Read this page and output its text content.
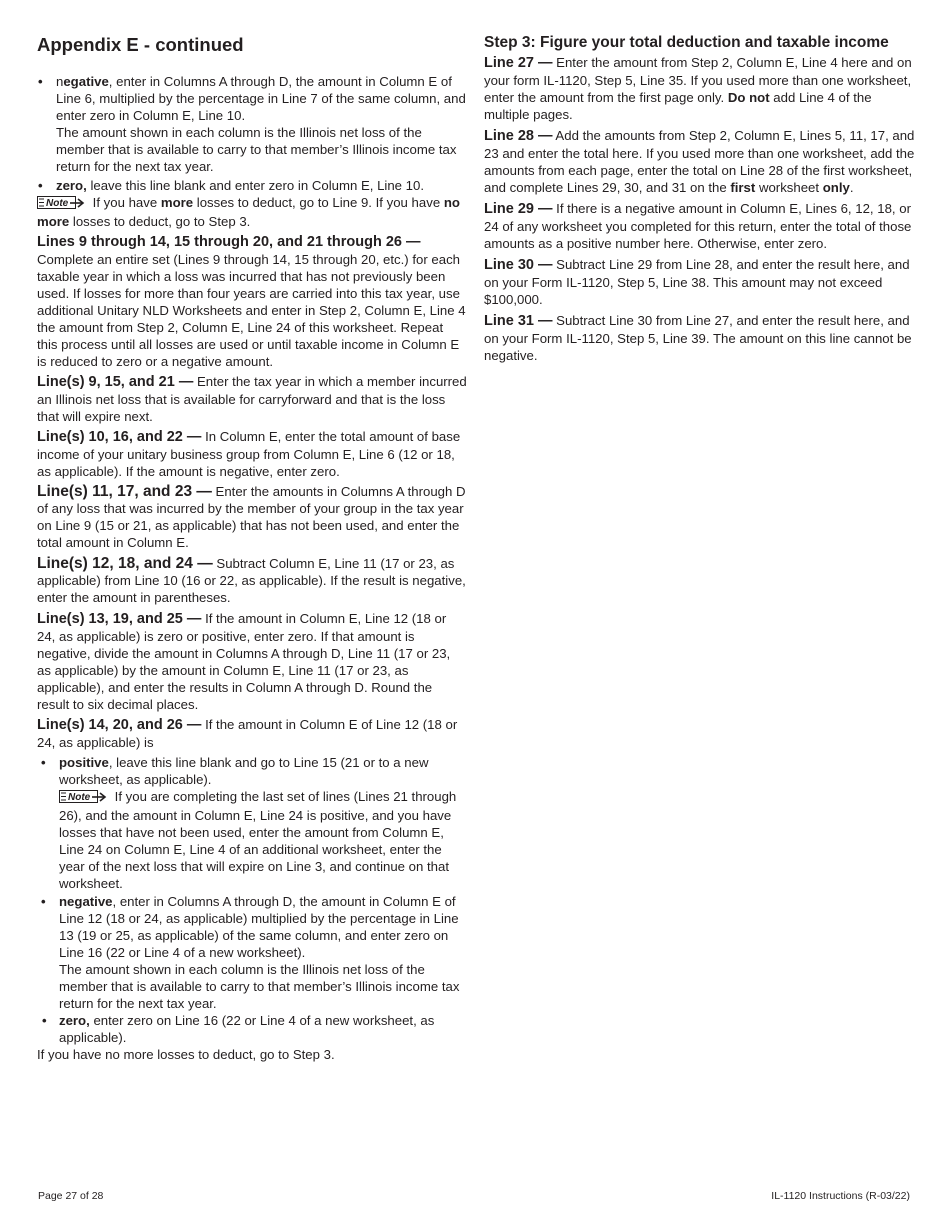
Appendix E - continued
• negative, enter in Columns A through D, the amount in Column E of Line 6, multiplied by the percentage in Line 7 of the same column, and enter zero in Column E, Line 10.
The amount shown in each column is the Illinois net loss of the member that is available to carry to that member’s Illinois income tax return for the next tax year.
• zero, leave this line blank and enter zero in Column E, Line 10.

Note If you have more losses to deduct, go to Line 9. If you have no more losses to deduct, go to Step 3.

Lines 9 through 14, 15 through 20, and 21 through 26 —
Complete an entire set (Lines 9 through 14, 15 through 20, etc.) for each taxable year in which a loss was incurred that has not previously been used. If losses for more than four years are carried into this tax year, use additional Unitary NLD Worksheets and enter in Step 2, Column E, Line 4 the amount from Step 2, Column E, Line 24 of this worksheet. Repeat this process until all losses are used or until taxable income in Column E is reduced to zero or a negative amount.

Line(s) 9, 15, and 21 — Enter the tax year in which a member incurred an Illinois net loss that is available for carryforward and that is the loss that will expire next.

Line(s) 10, 16, and 22 — In Column E, enter the total amount of base income of your unitary business group from Column E, Line 6 (12 or 18, as applicable). If the amount is negative, enter zero.

Line(s) 11, 17, and 23 — Enter the amounts in Columns A through D of any loss that was incurred by the member of your group in the tax year on Line 9 (15 or 21, as applicable) that has not been used, and enter the total amount in Column E.

Line(s) 12, 18, and 24 — Subtract Column E, Line 11 (17 or 23, as applicable) from Line 10 (16 or 22, as applicable). If the result is negative, enter the amount in parentheses.

Line(s) 13, 19, and 25 — If the amount in Column E, Line 12 (18 or 24, as applicable) is zero or positive, enter zero. If that amount is negative, divide the amount in Columns A through D, Line 11 (17 or 23, as applicable) by the amount in Column E, Line 11 (17 or 23, as applicable), and enter the results in Column A through D. Round the result to six decimal places.

Line(s) 14, 20, and 26 — If the amount in Column E of Line 12 (18 or 24, as applicable) is

• positive, leave this line blank and go to Line 15 (21 or to a new worksheet, as applicable).
Note If you are completing the last set of lines (Lines 21 through 26), and the amount in Column E, Line 24 is positive, and you have losses that have not been used, enter the amount from Column E, Line 24 on Column E, Line 4 of an additional worksheet, enter the year of the next loss that will expire on Line 3, and continue on that worksheet.
• negative, enter in Columns A through D, the amount in Column E of Line 12 (18 or 24, as applicable) multiplied by the percentage in Line 13 (19 or 25, as applicable) of the same column, and enter zero on Line 16 (22 or Line 4 of a new worksheet).
The amount shown in each column is the Illinois net loss of the member that is available to carry to that member’s Illinois income tax return for the next tax year.
• zero, enter zero on Line 16 (22 or Line 4 of a new worksheet, as applicable).

If you have no more losses to deduct, go to Step 3.

Step 3: Figure your total deduction and taxable income

Line 27 — Enter the amount from Step 2, Column E, Line 4 here and on your form IL-1120, Step 5, Line 35. If you used more than one worksheet, enter the amount from the first page only. Do not add Line 4 of the multiple pages.

Line 28 — Add the amounts from Step 2, Column E, Lines 5, 11, 17, and 23 and enter the total here. If you used more than one worksheet, add the amounts from each page, enter the total on Line 28 of the first worksheet, and complete Lines 29, 30, and 31 on the first worksheet only.

Line 29 — If there is a negative amount in Column E, Lines 6, 12, 18, or 24 of any worksheet you completed for this return, enter the total of those amounts as a positive number here. Otherwise, enter zero.

Line 30 — Subtract Line 29 from Line 28, and enter the result here, and on your Form IL-1120, Step 5, Line 38. This amount may not exceed $100,000.

Line 31 — Subtract Line 30 from Line 27, and enter the result here, and on your Form IL-1120, Step 5, Line 39. The amount on this line cannot be negative.

Page 27 of 28	IL-1120 Instructions (R-03/22)
